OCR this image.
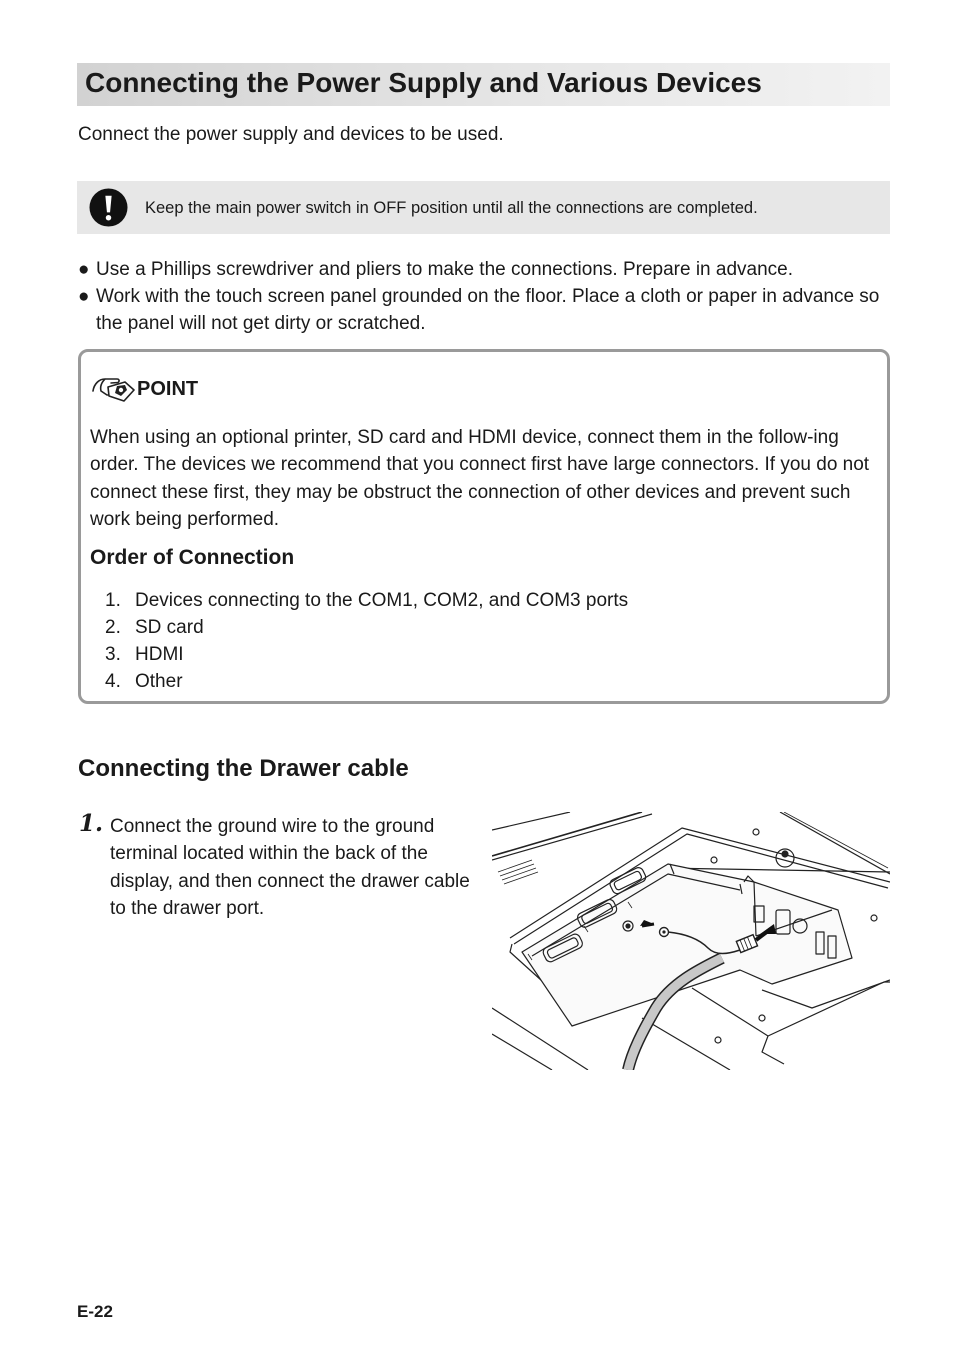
Connecting the Power Supply and Various Devices
Connect the power supply and devices to be used.
Keep the main power switch in OFF position until all the connections are completed.
● Use a Phillips screwdriver and pliers to make the connections. Prepare in advance.
● Work with the touch screen panel grounded on the floor. Place a cloth or paper in advance so the panel will not get dirty or scratched.
POINT
When using an optional printer, SD card and HDMI device, connect them in the follow-ing order. The devices we recommend that you connect first have large connectors. If you do not connect these first, they may be obstruct the connection of other devices and prevent such work being performed.
Order of Connection
1. Devices connecting to the COM1, COM2, and COM3 ports
2. SD card
3. HDMI
4. Other
Connecting the Drawer cable
1. Connect the ground wire to the ground terminal located within the back of the display, and then connect the drawer cable to the drawer port.
E-22
